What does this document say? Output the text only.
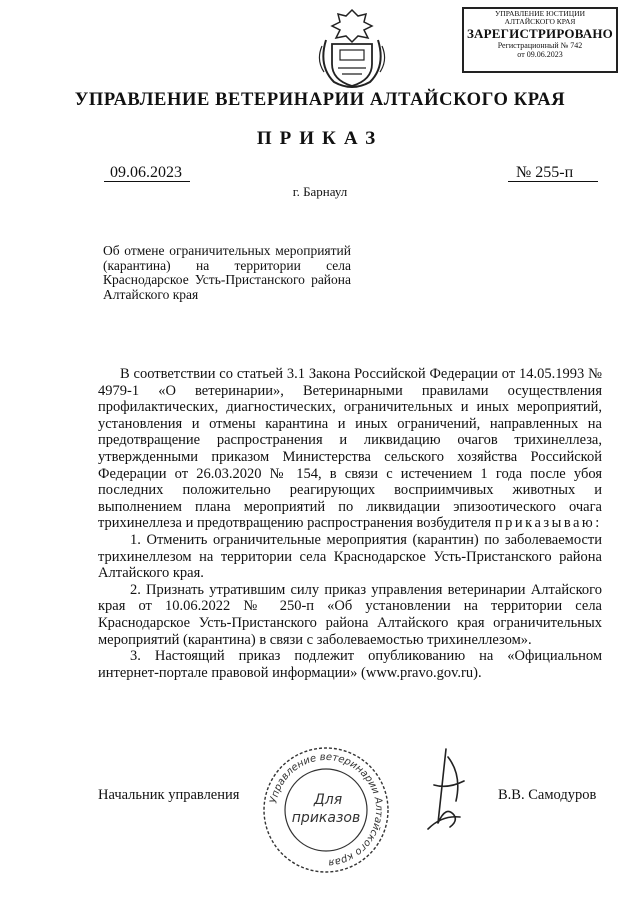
УПРАВЛЕНИЕ ЮСТИЦИИ
АЛТАЙСКОГО КРАЯ
ЗАРЕГИСТРИРОВАНО
Регистрационный № 742
от 09.06.2023
УПРАВЛЕНИЕ ВЕТЕРИНАРИИ АЛТАЙСКОГО КРАЯ
ПРИКАЗ
09.06.2023	№ 255-п
г. Барнаул
Об отмене ограничительных мероприятий (карантина) на территории села Краснодарское Усть-Пристанского района Алтайского края

В соответствии со статьей 3.1 Закона Российской Федерации от 14.05.1993 № 4979-1 «О ветеринарии», Ветеринарными правилами осуществления профилактических, диагностических, ограничительных и иных мероприятий, установления и отмены карантина и иных ограничений, направленных на предотвращение распространения и ликвидацию очагов трихинеллеза, утвержденными приказом Министерства сельского хозяйства Российской Федерации от 26.03.2020 № 154, в связи с истечением 1 года после убоя последних положительно реагирующих восприимчивых животных и выполнением плана мероприятий по ликвидации эпизоотического очага трихинеллеза и предотвращению распространения возбудителя приказываю:

1. Отменить ограничительные мероприятия (карантин) по заболеваемости трихинеллезом на территории села Краснодарское Усть-Пристанского района Алтайского края.

2. Признать утратившим силу приказ управления ветеринарии Алтайского края от 10.06.2022 № 250-п «Об установлении на территории села Краснодарское Усть-Пристанского района Алтайского края ограничительных мероприятий (карантина) в связи с заболеваемостью трихинеллезом».

3. Настоящий приказ подлежит опубликованию на «Официальном интернет-портале правовой информации» (www.pravo.gov.ru).

Начальник управления	Управление ветеринарии Алтайского края
Для
приказов
В.В. Самодуров
